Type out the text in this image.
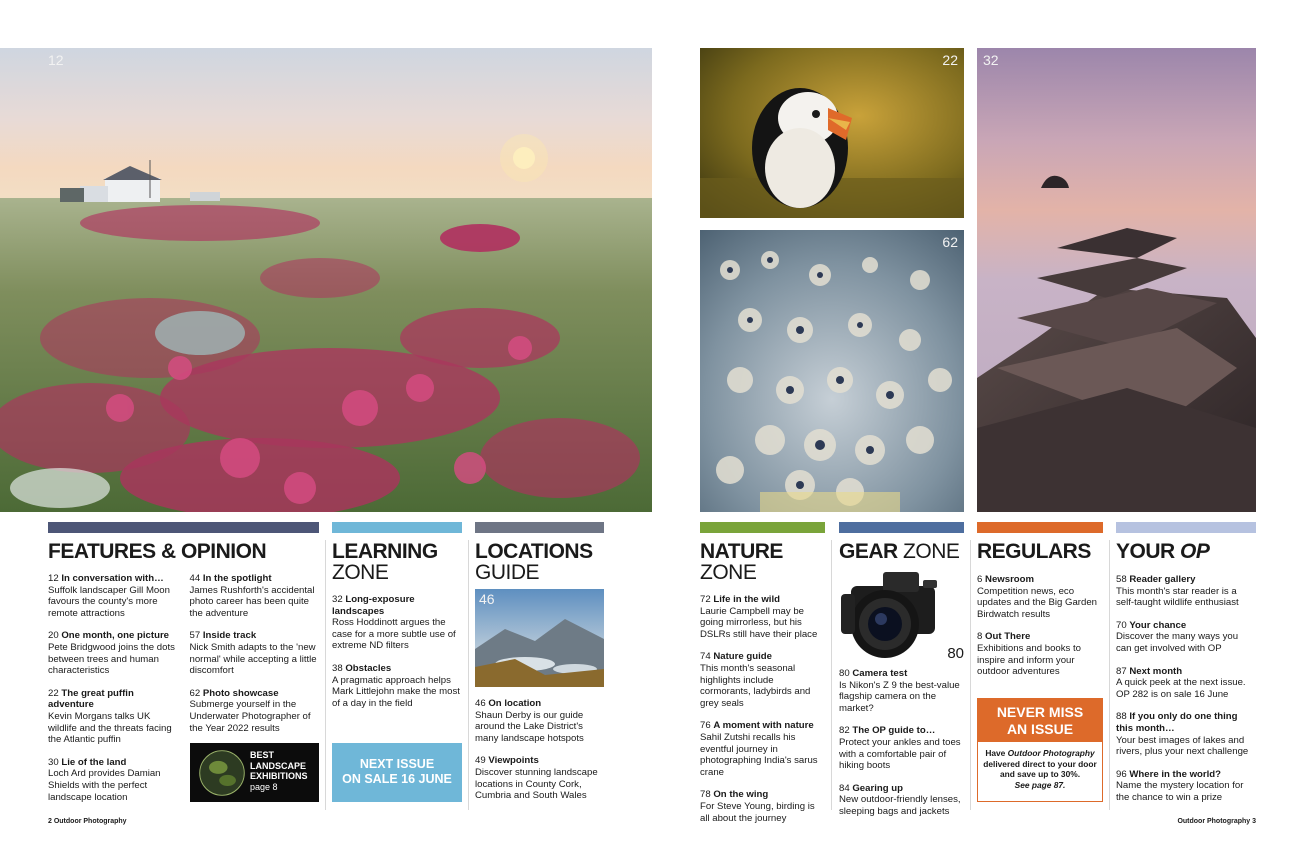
12	22
62
32
FEATURES & OPINION
12 In conversation with…
Suffolk landscaper Gill Moon favours the county's more remote attractions
20 One month, one picture
Pete Bridgwood joins the dots between trees and human characteristics
22 The great puffin adventure
Kevin Morgans talks UK wildlife and the threats facing the Atlantic puffin
30 Lie of the land
Loch Ard provides Damian Shields with the perfect landscape location
44 In the spotlight
James Rushforth's accidental photo career has been quite the adventure
57 Inside track
Nick Smith adapts to the 'new normal' while accepting a little discomfort
62 Photo showcase
Submerge yourself in the Underwater Photographer of the Year 2022 results
BEST
LANDSCAPE
EXHIBITIONS
page 8
LEARNING
ZONE
32 Long-exposure landscapes
Ross Hoddinott argues the case for a more subtle use of extreme ND filters
38 Obstacles
A pragmatic approach helps Mark Littlejohn make the most of a day in the field
NEXT ISSUE
ON SALE 16 JUNE
LOCATIONS
GUIDE
46
46 On location
Shaun Derby is our guide around the Lake District's many landscape hotspots
49 Viewpoints
Discover stunning landscape locations in County Cork, Cumbria and South Wales
NATURE
ZONE
72 Life in the wild
Laurie Campbell may be going mirrorless, but his DSLRs still have their place
74 Nature guide
This month's seasonal highlights include cormorants, ladybirds and grey seals
76 A moment with nature
Sahil Zutshi recalls his eventful journey in photographing India's sarus crane
78 On the wing
For Steve Young, birding is all about the journey
GEAR ZONE
80
80 Camera test
Is Nikon's Z 9 the best-value flagship camera on the market?
82 The OP guide to…
Protect your ankles and toes with a comfortable pair of hiking boots
84 Gearing up
New outdoor-friendly lenses, sleeping bags and jackets
REGULARS
6 Newsroom
Competition news, eco updates and the Big Garden Birdwatch results
8 Out There
Exhibitions and books to inspire and inform your outdoor adventures
NEVER MISS
AN ISSUE
Have Outdoor Photography delivered direct to your door and save up to 30%.
See page 87.
YOUR OP
58 Reader gallery
This month's star reader is a self-taught wildlife enthusiast
70 Your chance
Discover the many ways you can get involved with OP
87 Next month
A quick peek at the next issue. OP 282 is on sale 16 June
88 If you only do one thing this month…
Your best images of lakes and rivers, plus your next challenge
96 Where in the world?
Name the mystery location for the chance to win a prize
2 Outdoor Photography	Outdoor Photography 3
